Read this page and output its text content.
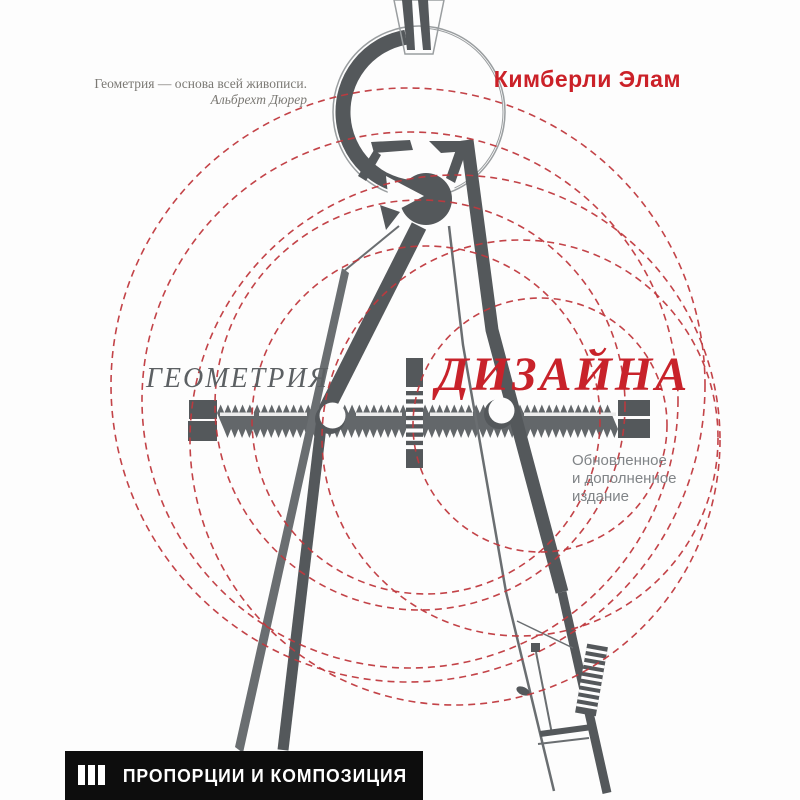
Геометрия — основа всей живописи.
Альбрехт Дюрер
Кимберли Элам
ГЕОМЕТРИЯ ДИЗАЙНА
Обновленное
и дополненное
издание
ПРОПОРЦИИ И КОМПОЗИЦИЯ
